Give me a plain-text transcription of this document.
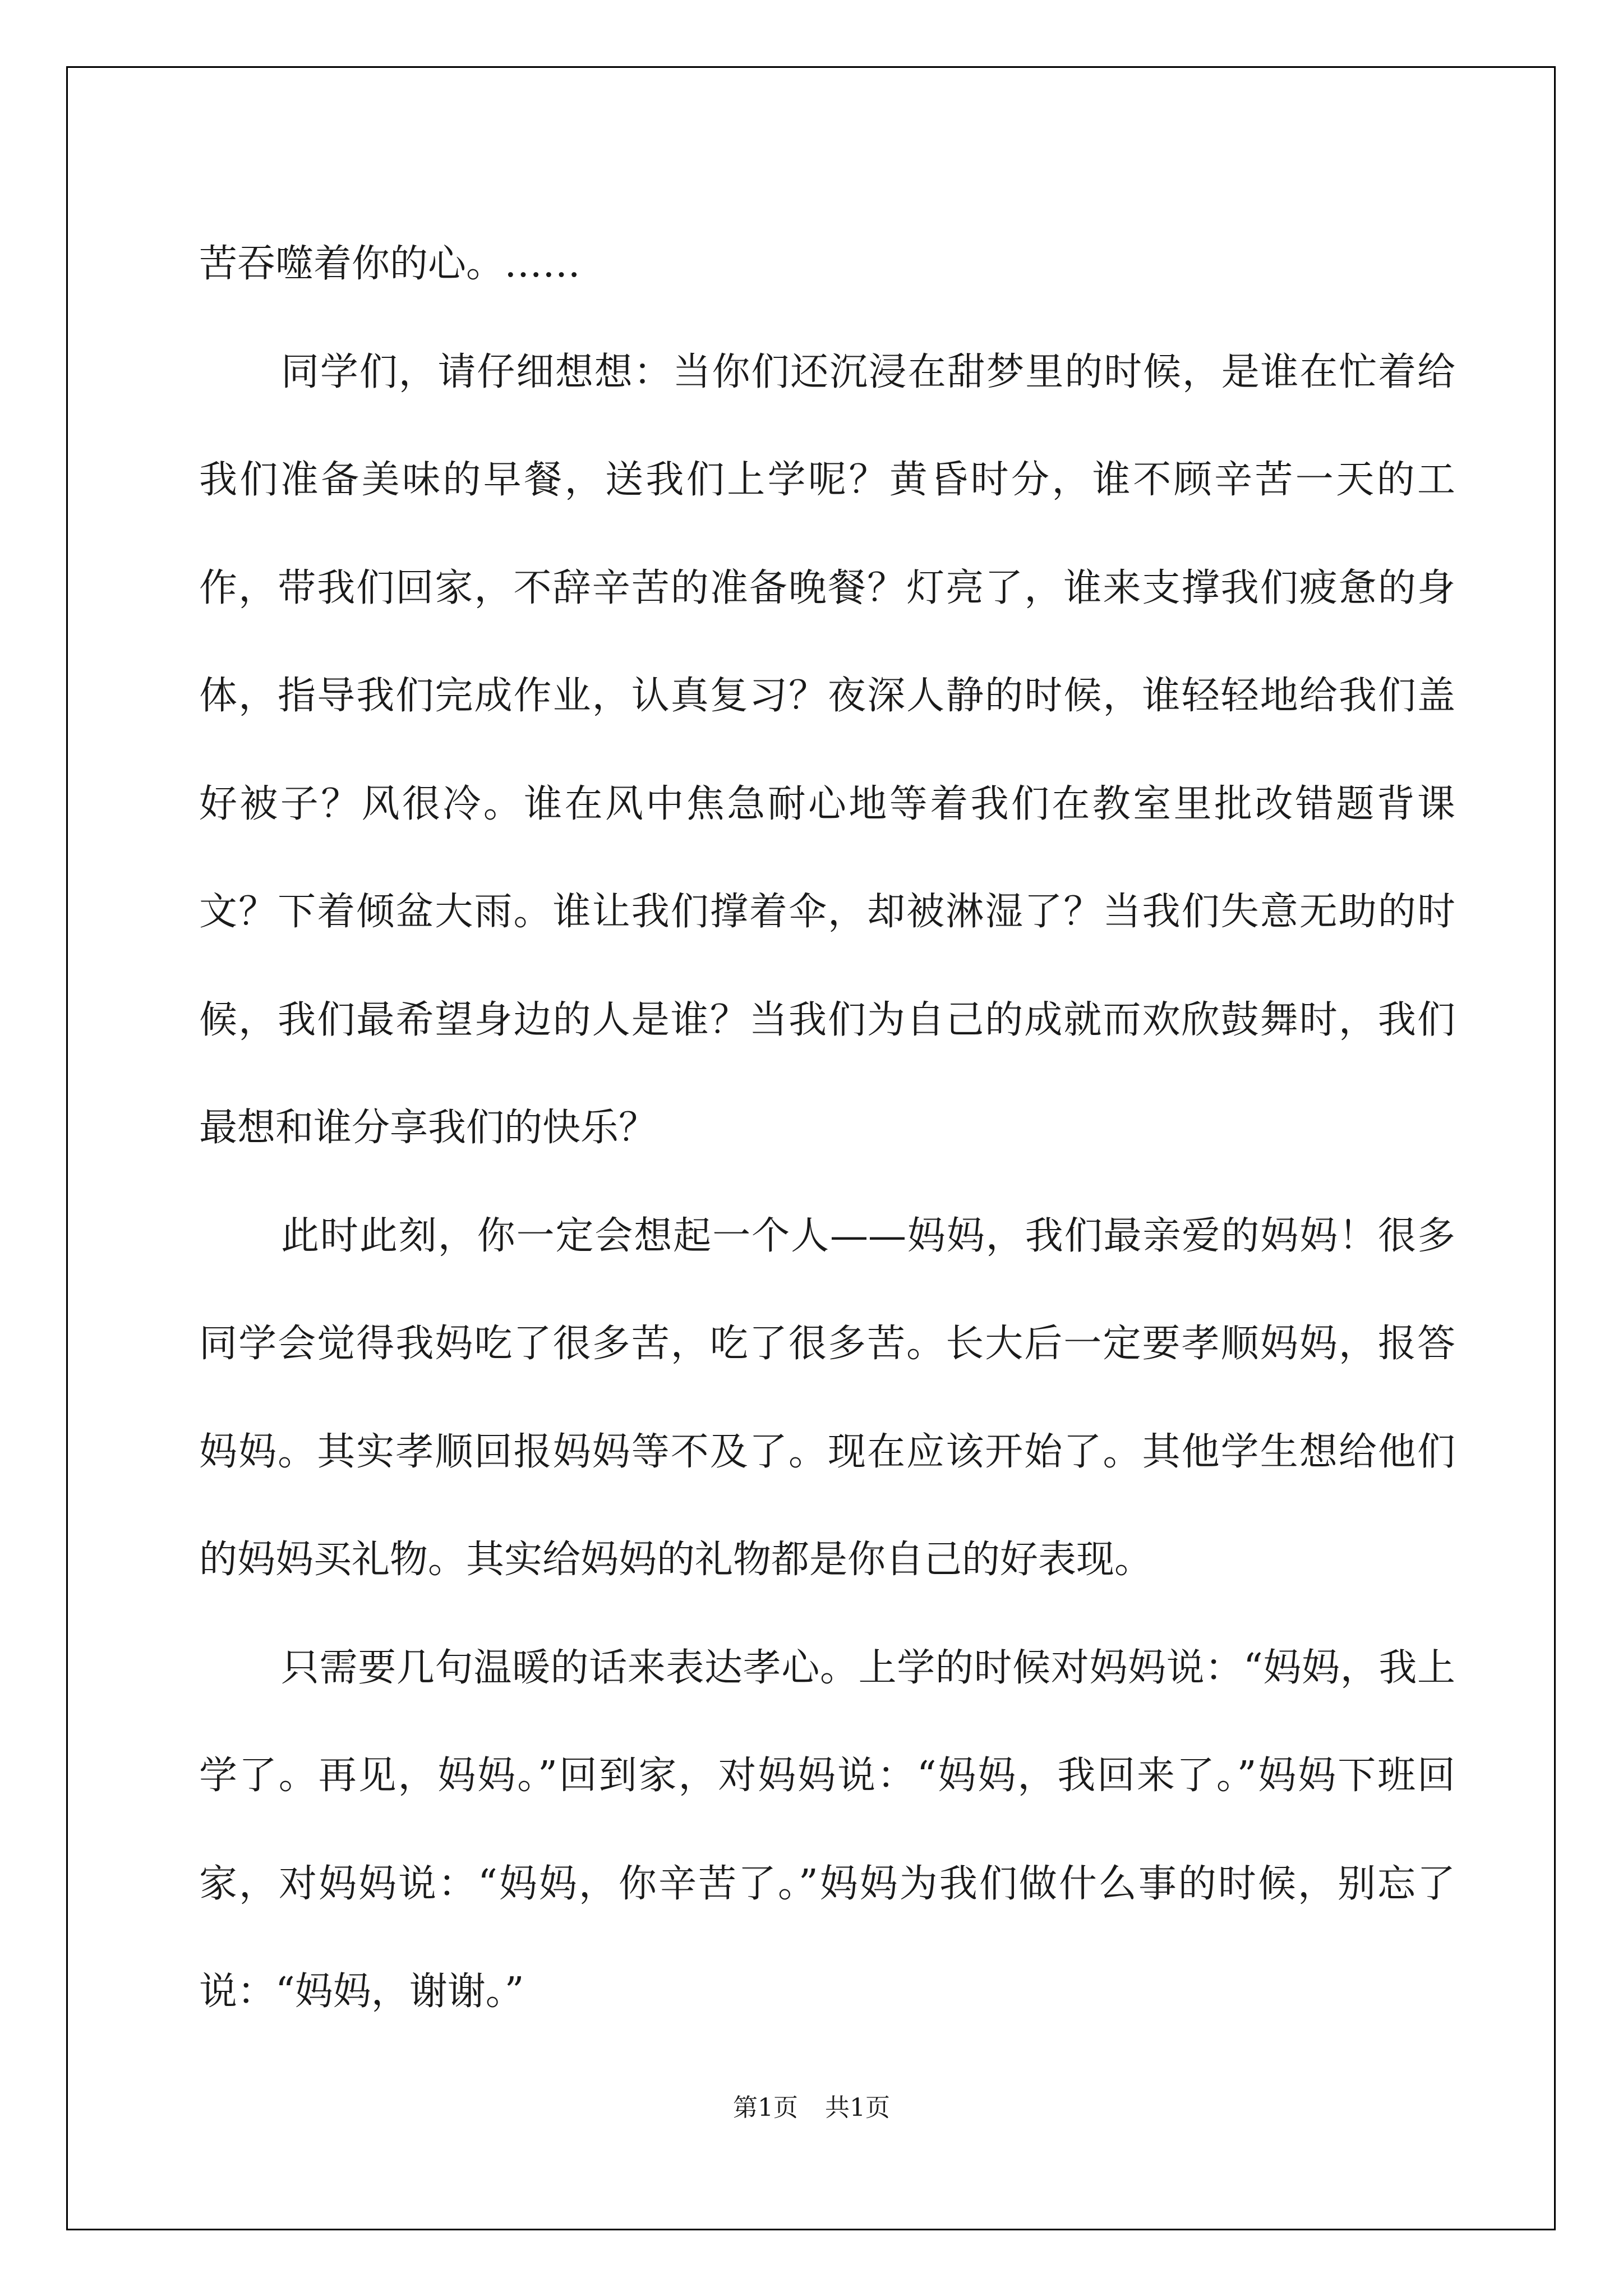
苦吞噬着你的心。……

同学们，请仔细想想：当你们还沉浸在甜梦里的时候，是谁在忙着给我们准备美味的早餐，送我们上学呢？黄昏时分，谁不顾辛苦一天的工作，带我们回家，不辞辛苦的准备晚餐？灯亮了，谁来支撑我们疲惫的身体，指导我们完成作业，认真复习？夜深人静的时候，谁轻轻地给我们盖好被子？风很冷。谁在风中焦急耐心地等着我们在教室里批改错题背课文？下着倾盆大雨。谁让我们撑着伞，却被淋湿了？当我们失意无助的时候，我们最希望身边的人是谁？当我们为自己的成就而欢欣鼓舞时，我们最想和谁分享我们的快乐？

此时此刻，你一定会想起一个人——妈妈，我们最亲爱的妈妈！很多同学会觉得我妈吃了很多苦，吃了很多苦。长大后一定要孝顺妈妈，报答妈妈。其实孝顺回报妈妈等不及了。现在应该开始了。其他学生想给他们的妈妈买礼物。其实给妈妈的礼物都是你自己的好表现。

只需要几句温暖的话来表达孝心。上学的时候对妈妈说：“妈妈，我上学了。再见，妈妈。”回到家，对妈妈说：“妈妈，我回来了。”妈妈下班回家，对妈妈说：“妈妈，你辛苦了。”妈妈为我们做什么事的时候，别忘了说：“妈妈，谢谢。”

第1页 共1页
